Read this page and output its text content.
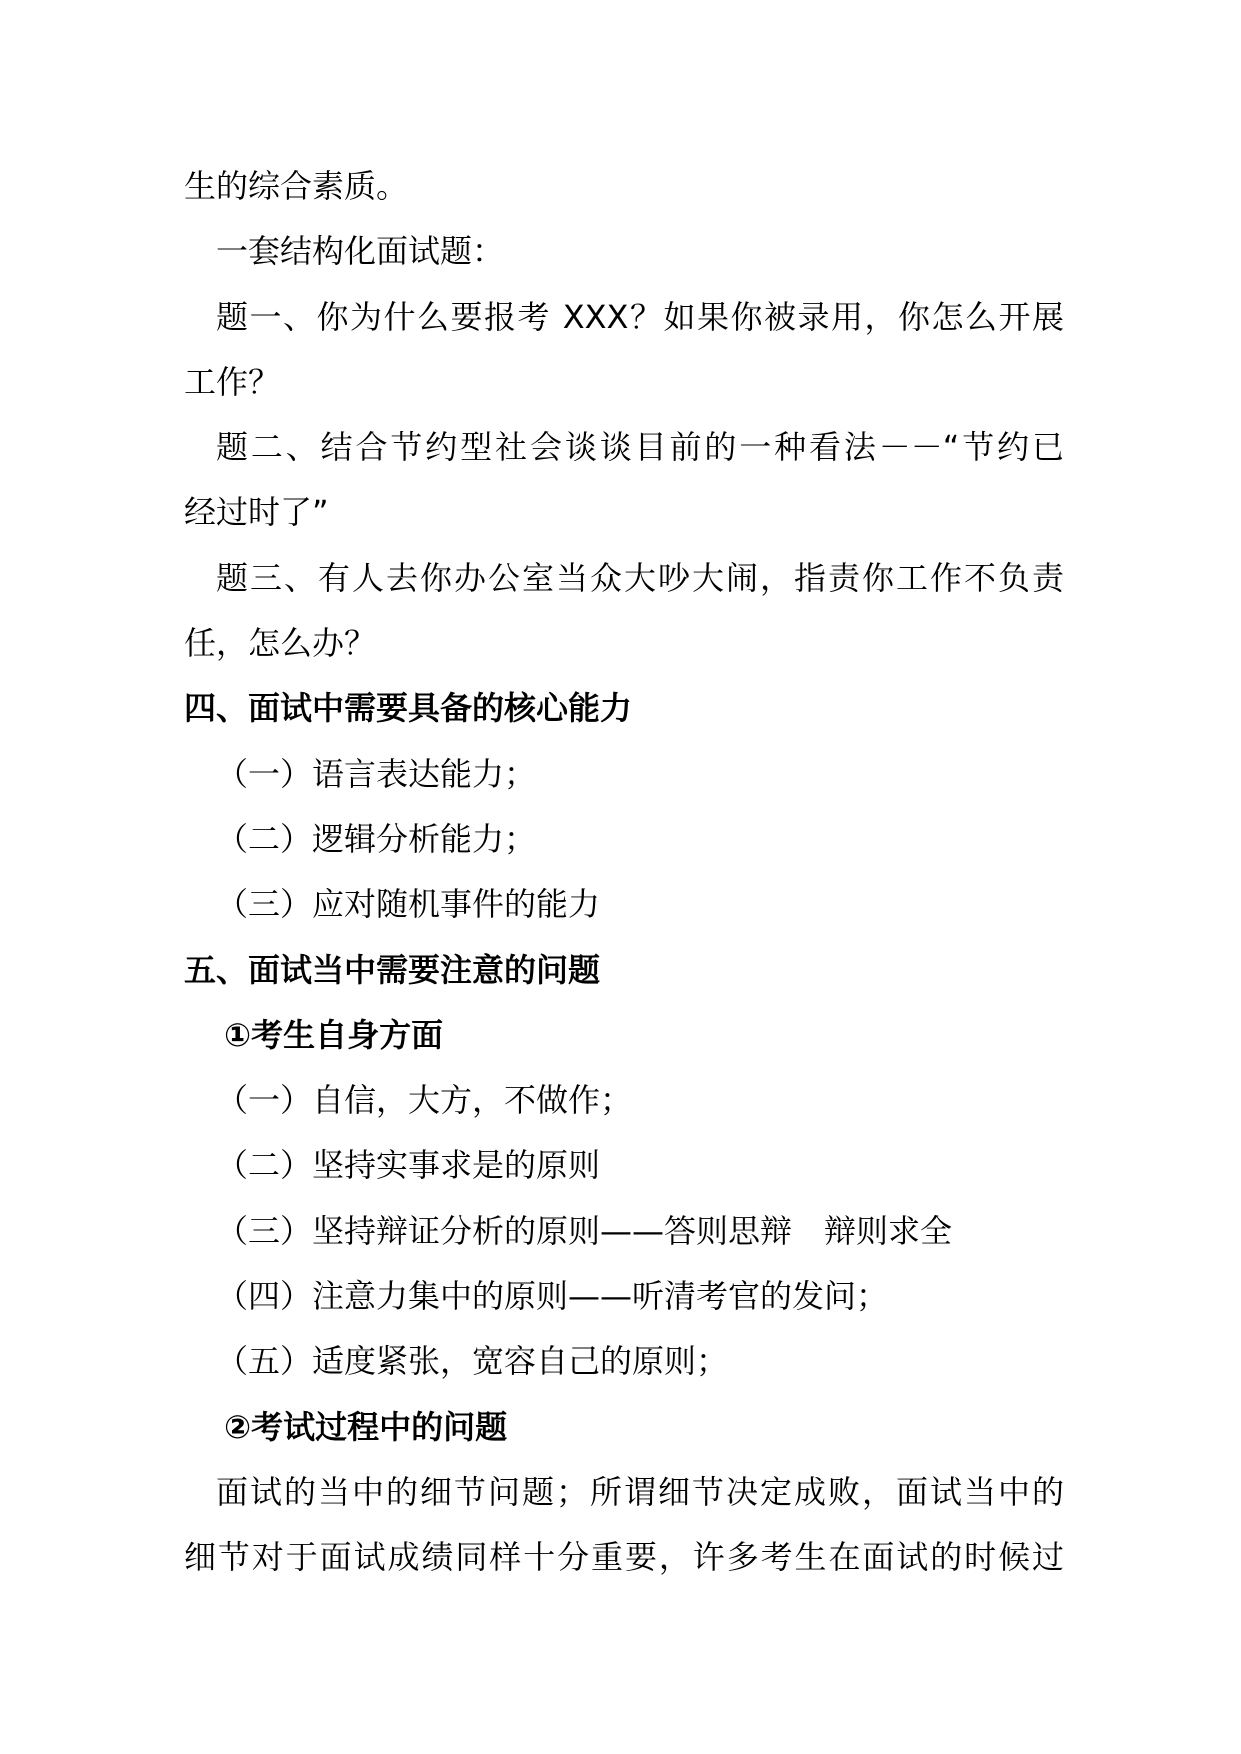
生的综合素质。
一套结构化面试题：
题一、你为什么要报考 XXX？如果你被录用，你怎么开展
工作？
题二、结合节约型社会谈谈目前的一种看法－－“节约已
经过时了”
题三、有人去你办公室当众大吵大闹，指责你工作不负责
任，怎么办？
四、面试中需要具备的核心能力
（一）语言表达能力；
（二）逻辑分析能力；
（三）应对随机事件的能力
五、面试当中需要注意的问题
①考生自身方面
（一）自信，大方，不做作；
（二）坚持实事求是的原则
（三）坚持辩证分析的原则——答则思辩　辩则求全
（四）注意力集中的原则——听清考官的发问；
（五）适度紧张，宽容自己的原则；
②考试过程中的问题
面试的当中的细节问题；所谓细节决定成败，面试当中的
细节对于面试成绩同样十分重要，许多考生在面试的时候过
